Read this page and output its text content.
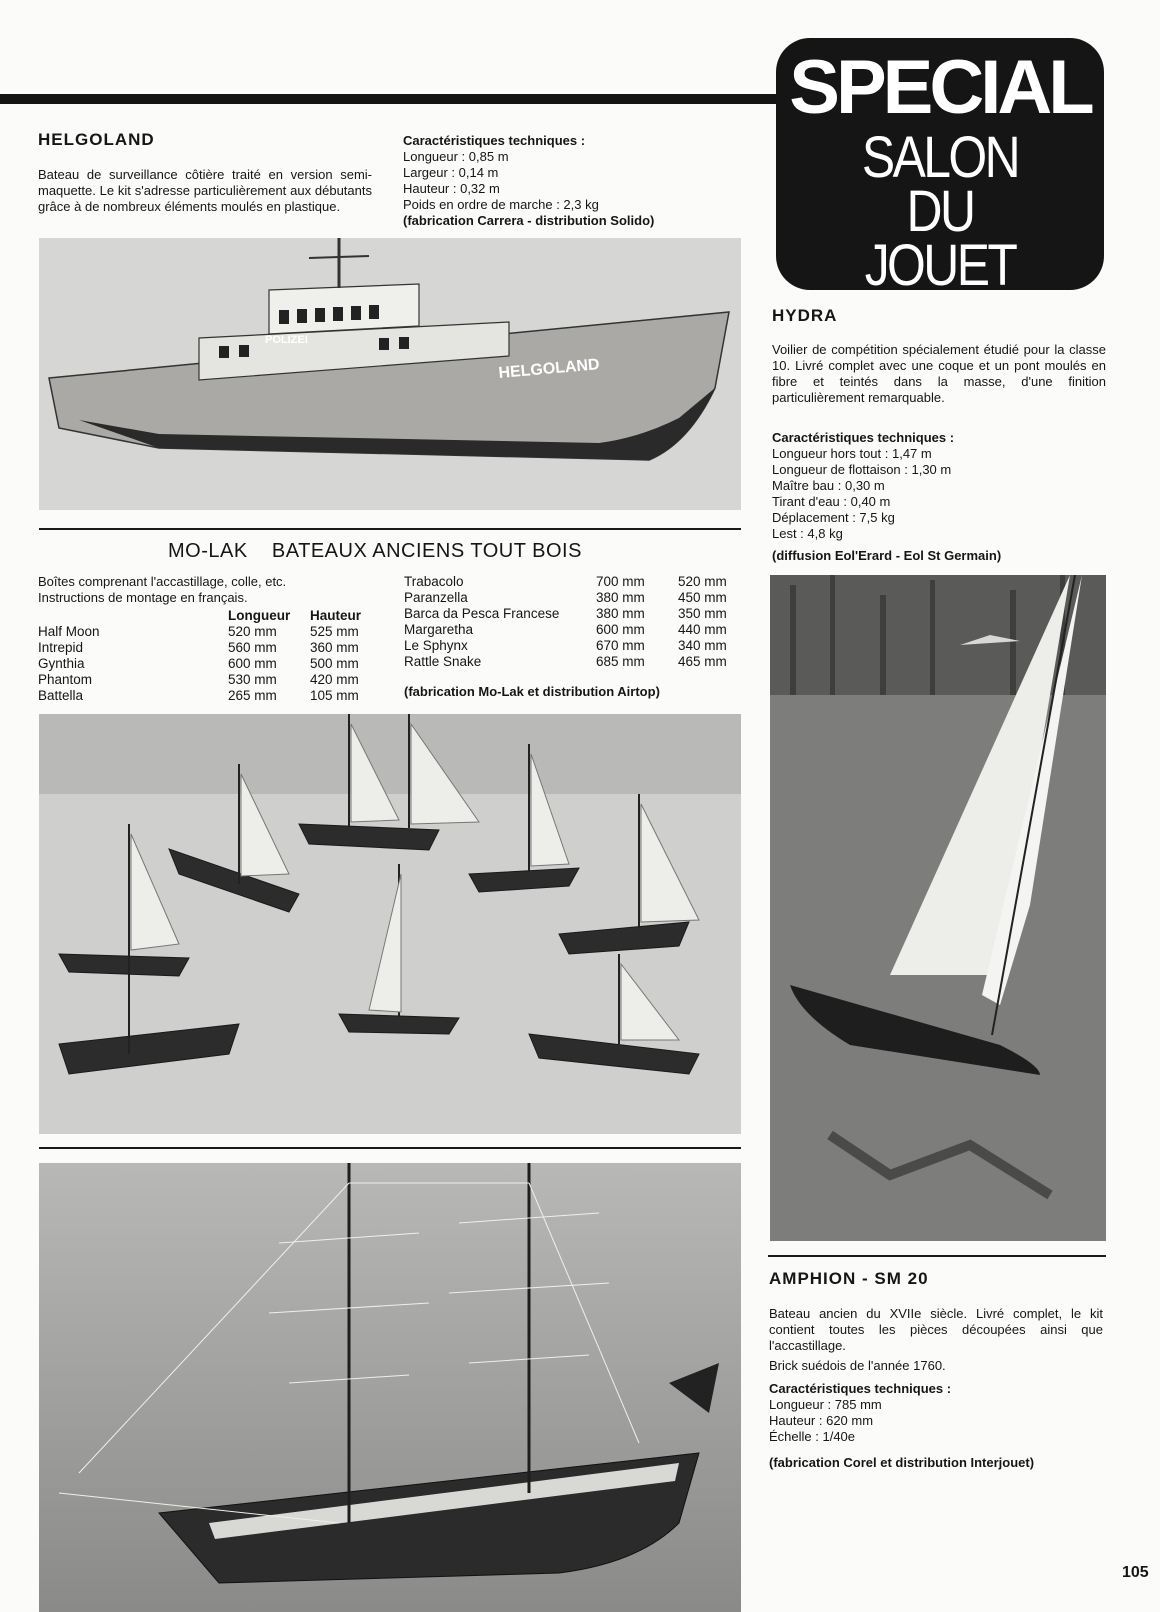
SPECIAL
SALON
DU
JOUET
HELGOLAND
Bateau de surveillance côtière traité en version semi-maquette. Le kit s'adresse particulièrement aux débutants grâce à de nombreux éléments moulés en plastique.
Caractéristiques techniques :
Longueur : 0,85 m
Largeur : 0,14 m
Hauteur : 0,32 m
Poids en ordre de marche : 2,3 kg
(fabrication Carrera - distribution Solido)
POLIZEI
HELGOLAND
MO-LAK BATEAUX ANCIENS TOUT BOIS
Boîtes comprenant l'accastillage, colle, etc.
Instructions de montage en français.
	Longueur	Hauteur
Half Moon	520 mm	525 mm
Intrepid	560 mm	360 mm
Gynthia	600 mm	500 mm
Phantom	530 mm	420 mm
Battella	265 mm	105 mm
Trabacolo	700 mm	520 mm
Paranzella	380 mm	450 mm
Barca da Pesca Francese	380 mm	350 mm
Margaretha	600 mm	440 mm
Le Sphynx	670 mm	340 mm
Rattle Snake	685 mm	465 mm
(fabrication Mo-Lak et distribution Airtop)
HYDRA
Voilier de compétition spécialement étudié pour la classe 10. Livré complet avec une coque et un pont moulés en fibre et teintés dans la masse, d'une finition particulièrement remarquable.
Caractéristiques techniques :
Longueur hors tout : 1,47 m
Longueur de flottaison : 1,30 m
Maître bau : 0,30 m
Tirant d'eau : 0,40 m
Déplacement : 7,5 kg
Lest : 4,8 kg
(diffusion Eol'Erard - Eol St Germain)
AMPHION - SM 20
Bateau ancien du XVIIe siècle. Livré complet, le kit contient toutes les pièces découpées ainsi que l'accastillage.
Brick suédois de l'année 1760.
Caractéristiques techniques :
Longueur : 785 mm
Hauteur : 620 mm
Échelle : 1/40e
(fabrication Corel et distribution Interjouet)
105
